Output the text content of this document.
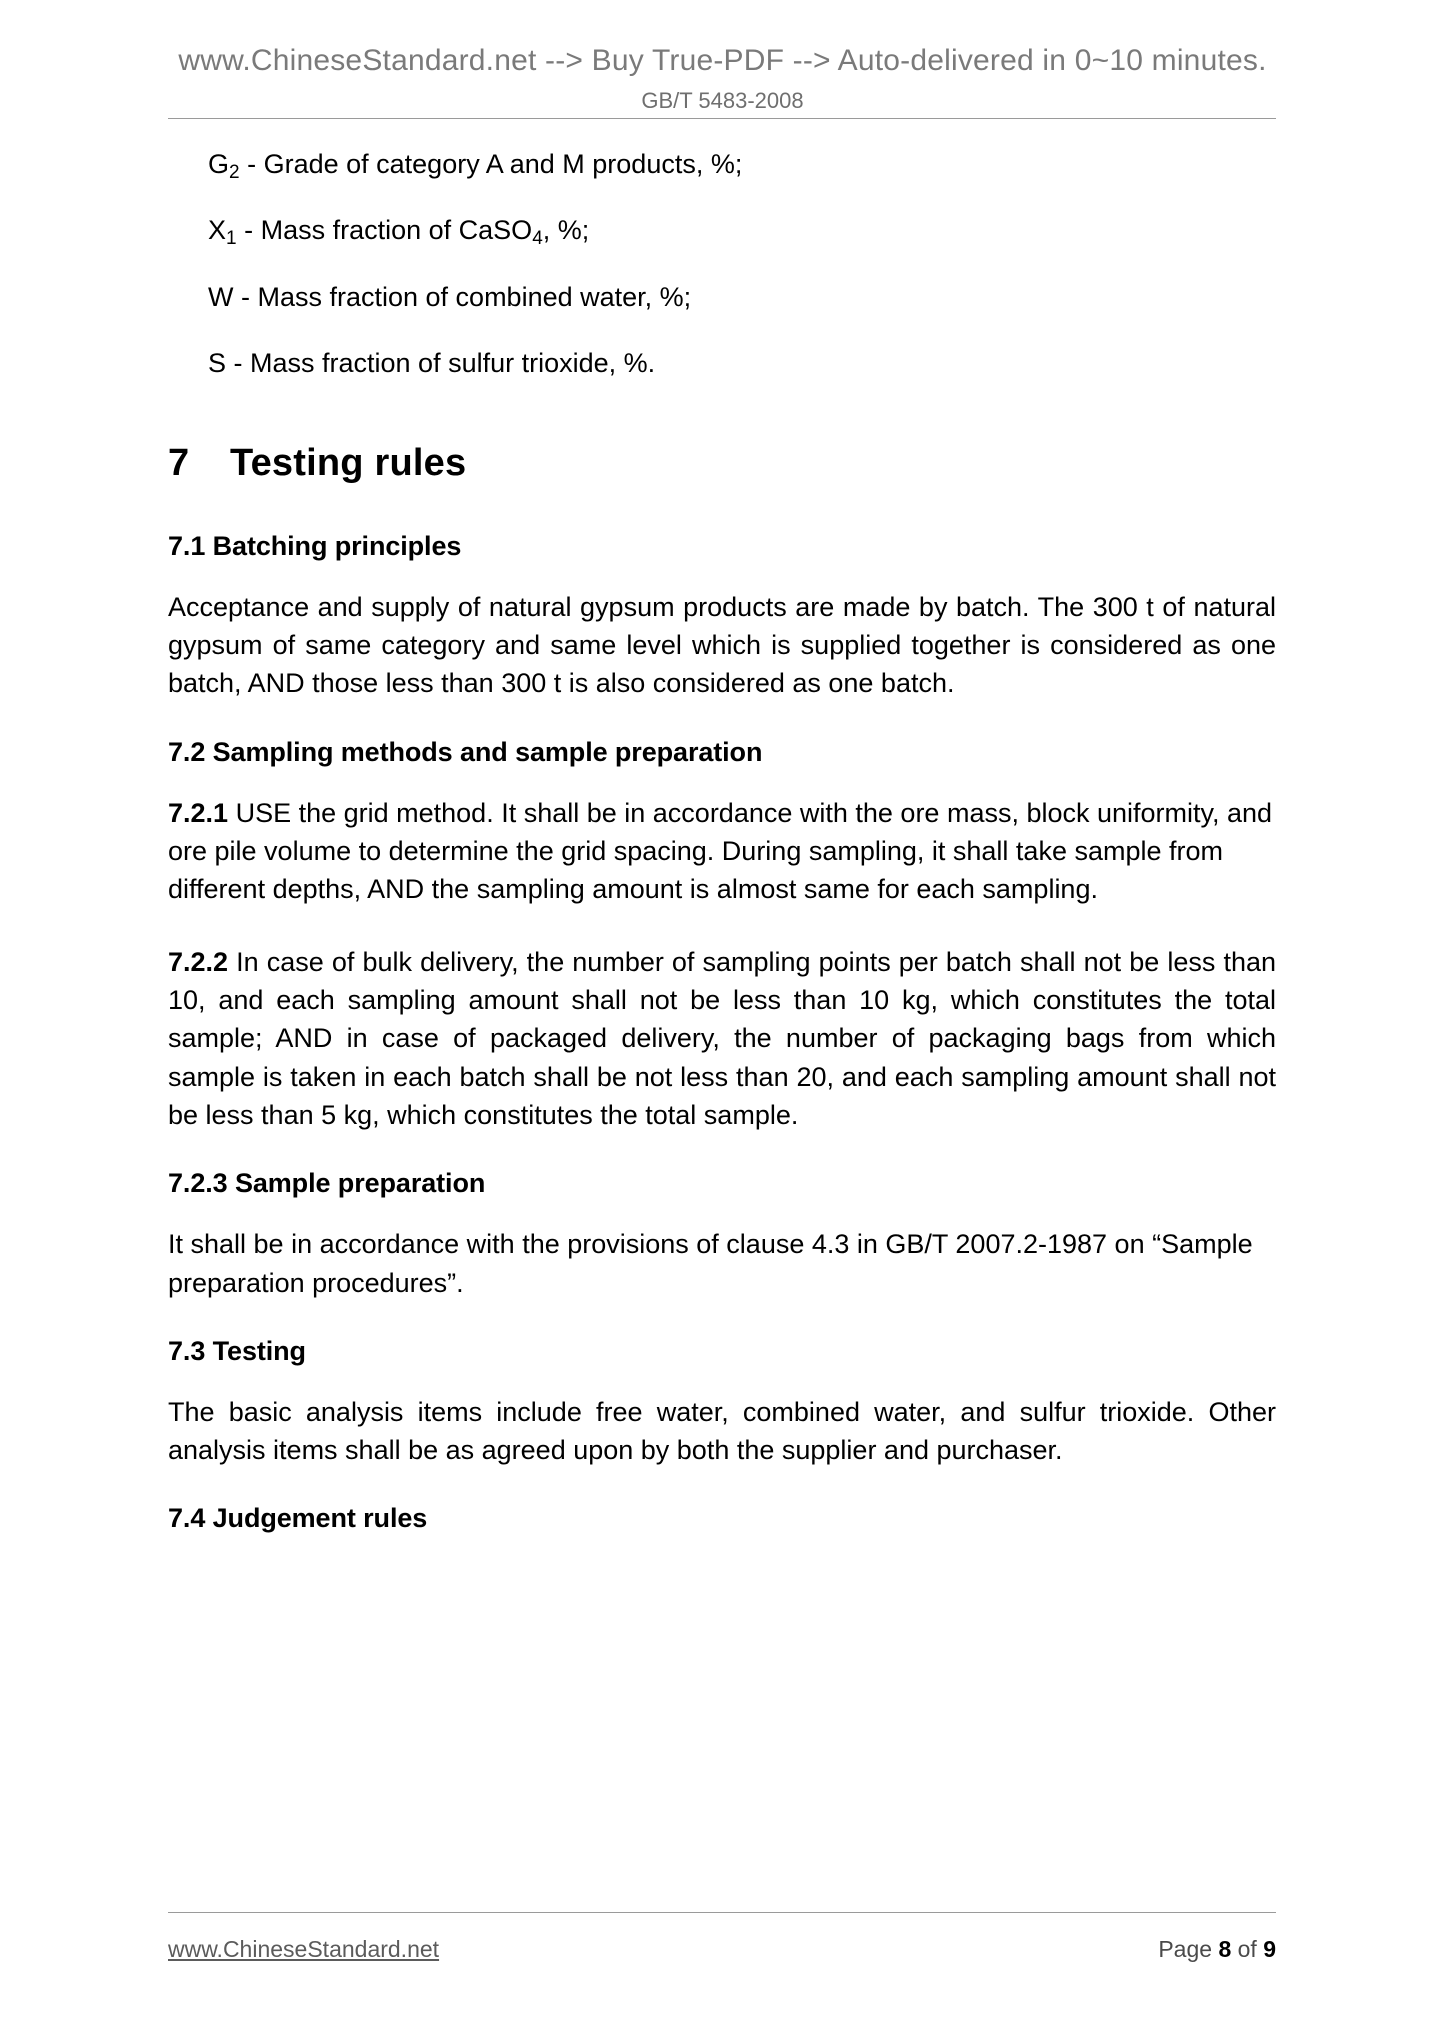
www.ChineseStandard.net --> Buy True-PDF --> Auto-delivered in 0~10 minutes.
GB/T 5483-2008

$G_2$ - Grade of category A and M products, %;

$X_1$ - Mass fraction of CaSO$_4$, %;

W - Mass fraction of combined water, %;

S - Mass fraction of sulfur trioxide, %.

7 Testing rules
7.1 Batching principles

Acceptance and supply of natural gypsum products are made by batch. The 300 t of natural gypsum of same category and same level which is supplied together is considered as one batch, AND those less than 300 t is also considered as one batch.

7.2 Sampling methods and sample preparation

7.2.1 USE the grid method. It shall be in accordance with the ore mass, block uniformity, and ore pile volume to determine the grid spacing. During sampling, it shall take sample from different depths, AND the sampling amount is almost same for each sampling.

7.2.2 In case of bulk delivery, the number of sampling points per batch shall not be less than 10, and each sampling amount shall not be less than 10 kg, which constitutes the total sample; AND in case of packaged delivery, the number of packaging bags from which sample is taken in each batch shall be not less than 20, and each sampling amount shall not be less than 5 kg, which constitutes the total sample.

7.2.3 Sample preparation

It shall be in accordance with the provisions of clause 4.3 in GB/T 2007.2-1987 on “Sample preparation procedures”.

7.3 Testing

The basic analysis items include free water, combined water, and sulfur trioxide. Other analysis items shall be as agreed upon by both the supplier and purchaser.

7.4 Judgement rules
www.ChineseStandard.net	Page 8 of 9
